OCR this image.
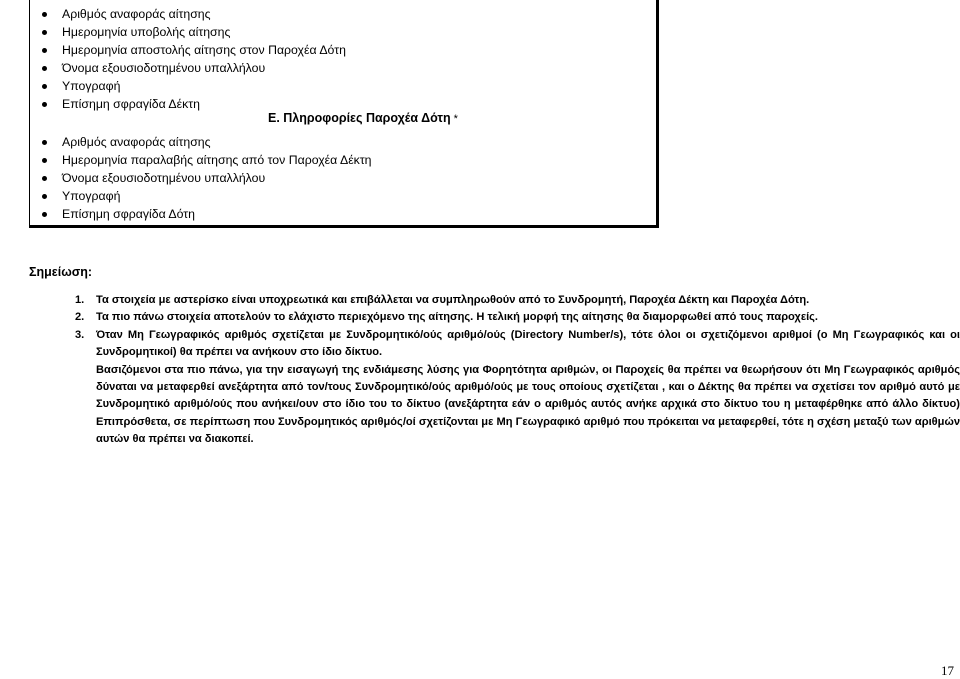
Αριθμός αναφοράς αίτησης
Ημερομηνία υποβολής αίτησης
Ημερομηνία αποστολής αίτησης στον Παροχέα Δότη
Όνομα εξουσιοδοτημένου υπαλλήλου
Υπογραφή
Επίσημη σφραγίδα Δέκτη
Ε. Πληροφορίες Παροχέα Δότη *
Αριθμός αναφοράς αίτησης
Ημερομηνία παραλαβής αίτησης από τον Παροχέα Δέκτη
Όνομα εξουσιοδοτημένου υπαλλήλου
Υπογραφή
Επίσημη σφραγίδα Δότη
Σημείωση:
1. Τα στοιχεία με αστερίσκο είναι υποχρεωτικά και επιβάλλεται να συμπληρωθούν από το Συνδρομητή, Παροχέα Δέκτη και Παροχέα Δότη.
2. Τα πιο πάνω στοιχεία αποτελούν το ελάχιστο περιεχόμενο της αίτησης. Η τελική μορφή της αίτησης θα διαμορφωθεί από τους παροχείς.
3. Όταν Μη Γεωγραφικός αριθμός σχετίζεται με Συνδρομητικό/ούς αριθμό/ούς (Directory Number/s), τότε όλοι οι σχετιζόμενοι αριθμοί (ο Μη Γεωγραφικός και οι Συνδρομητικοί) θα πρέπει να ανήκουν στο ίδιο δίκτυο.
Βασιζόμενοι στα πιο πάνω, για την εισαγωγή της ενδιάμεσης λύσης για Φορητότητα αριθμών, οι Παροχείς θα πρέπει να θεωρήσουν ότι Μη Γεωγραφικός αριθμός δύναται να μεταφερθεί ανεξάρτητα από τον/τους Συνδρομητικό/ούς αριθμό/ούς με τους οποίους σχετίζεται , και ο Δέκτης θα πρέπει να σχετίσει τον αριθμό αυτό με Συνδρομητικό αριθμό/ούς που ανήκει/ουν στο ίδιο του το δίκτυο (ανεξάρτητα εάν ο αριθμός αυτός ανήκε αρχικά στο δίκτυο του η μεταφέρθηκε από άλλο δίκτυο) Επιπρόσθετα, σε περίπτωση που Συνδρομητικός αριθμός/οί σχετίζονται με Μη Γεωγραφικό αριθμό που πρόκειται να μεταφερθεί, τότε η σχέση μεταξύ των αριθμών αυτών θα πρέπει να διακοπεί.
17
